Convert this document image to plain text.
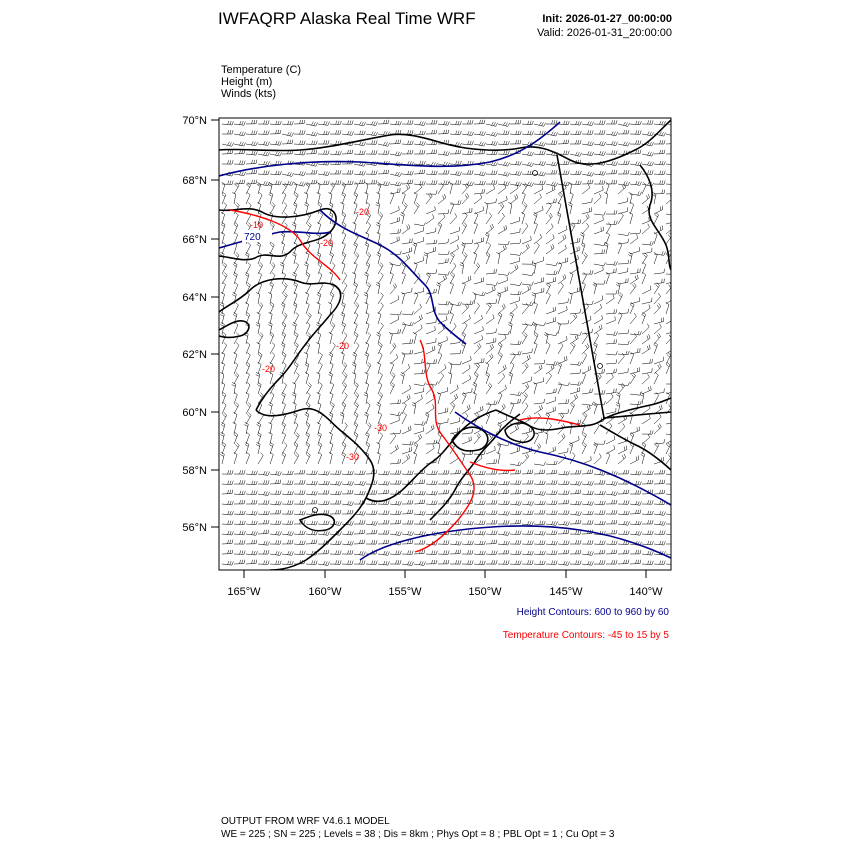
IWFAQRP Alaska Real Time WRF	Init: 2026-01-27_00:00:00
Valid: 2026-01-31_20:00:00
Temperature (C)
Height (m)
Winds (kts)
720
-10
-20
-20
-30
-30
-20
-20
70°N
68°N
66°N
64°N
62°N
60°N
58°N
56°N
165°W	160°W	155°W	150°W	145°W	140°W
Height Contours: 600 to 960 by 60
Temperature Contours: -45 to 15 by 5
OUTPUT FROM WRF V4.6.1 MODEL
WE = 225 ; SN = 225 ; Levels = 38 ; Dis = 8km ; Phys Opt = 8 ; PBL Opt = 1 ; Cu Opt = 3
